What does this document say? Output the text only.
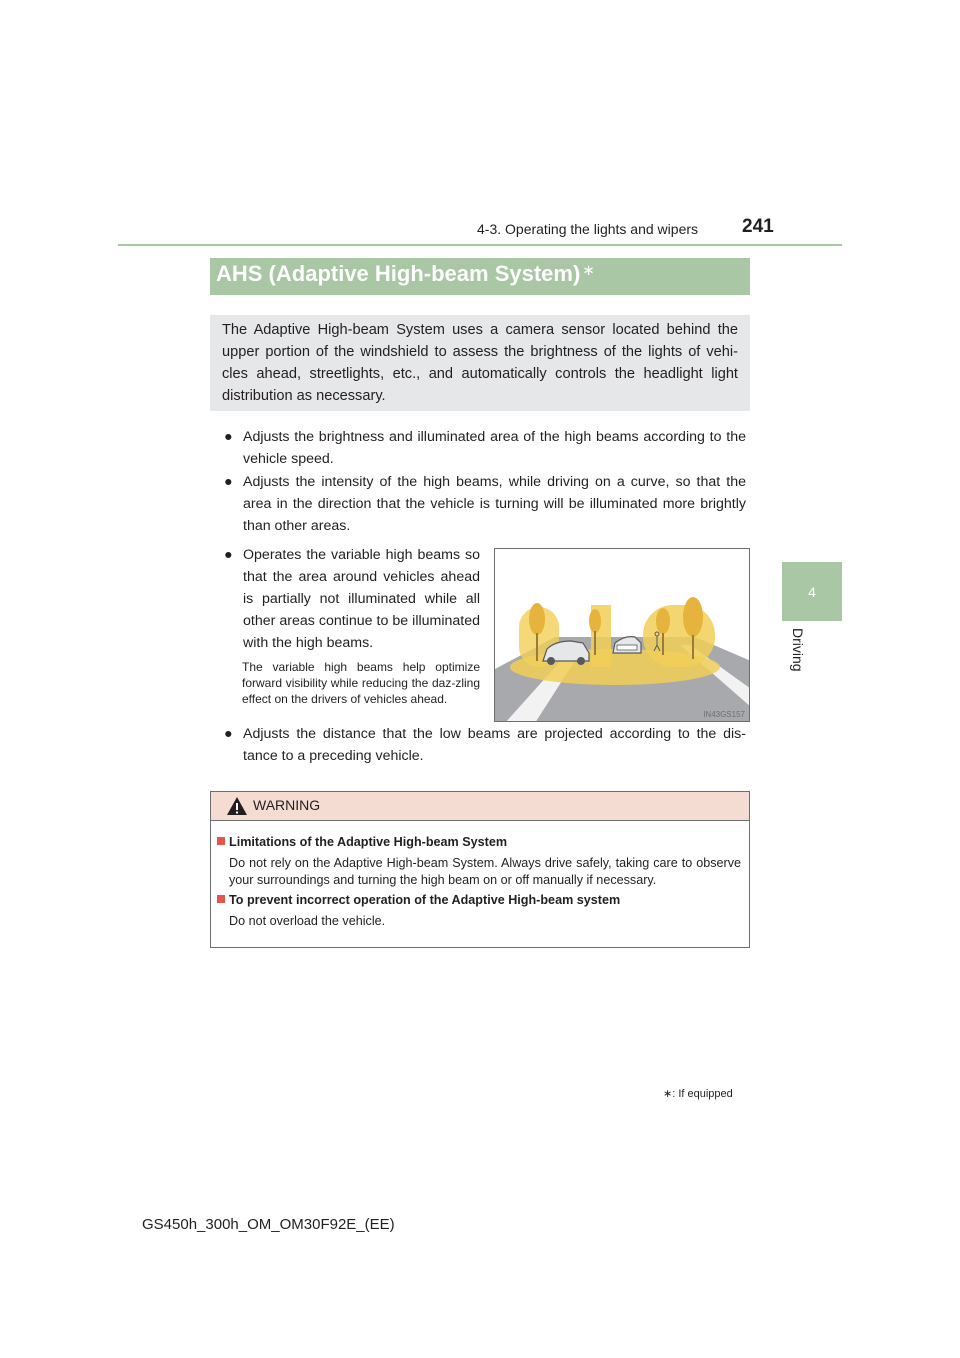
4-3. Operating the lights and wipers 241
4
Driving
AHS (Adaptive High-beam System) ∗
The Adaptive High-beam System uses a camera sensor located behind the upper portion of the windshield to assess the brightness of the lights of vehi-cles ahead, streetlights, etc., and automatically controls the headlight light distribution as necessary.
● Adjusts the brightness and illuminated area of the high beams according to the vehicle speed.
● Adjusts the intensity of the high beams, while driving on a curve, so that the area in the direction that the vehicle is turning will be illuminated more brightly than other areas.
● Operates the variable high beams so that the area around vehicles ahead is partially not illuminated while all other areas continue to be illuminated with the high beams.
The variable high beams help optimize forward visibility while reducing the daz-zling effect on the drivers of vehicles ahead.
IN43GS157
● Adjusts the distance that the low beams are projected according to the dis-tance to a preceding vehicle.
WARNING
Limitations of the Adaptive High-beam System
Do not rely on the Adaptive High-beam System. Always drive safely, taking care to observe your surroundings and turning the high beam on or off manually if necessary.
To prevent incorrect operation of the Adaptive High-beam system
Do not overload the vehicle.
∗: If equipped
GS450h_300h_OM_OM30F92E_(EE)
